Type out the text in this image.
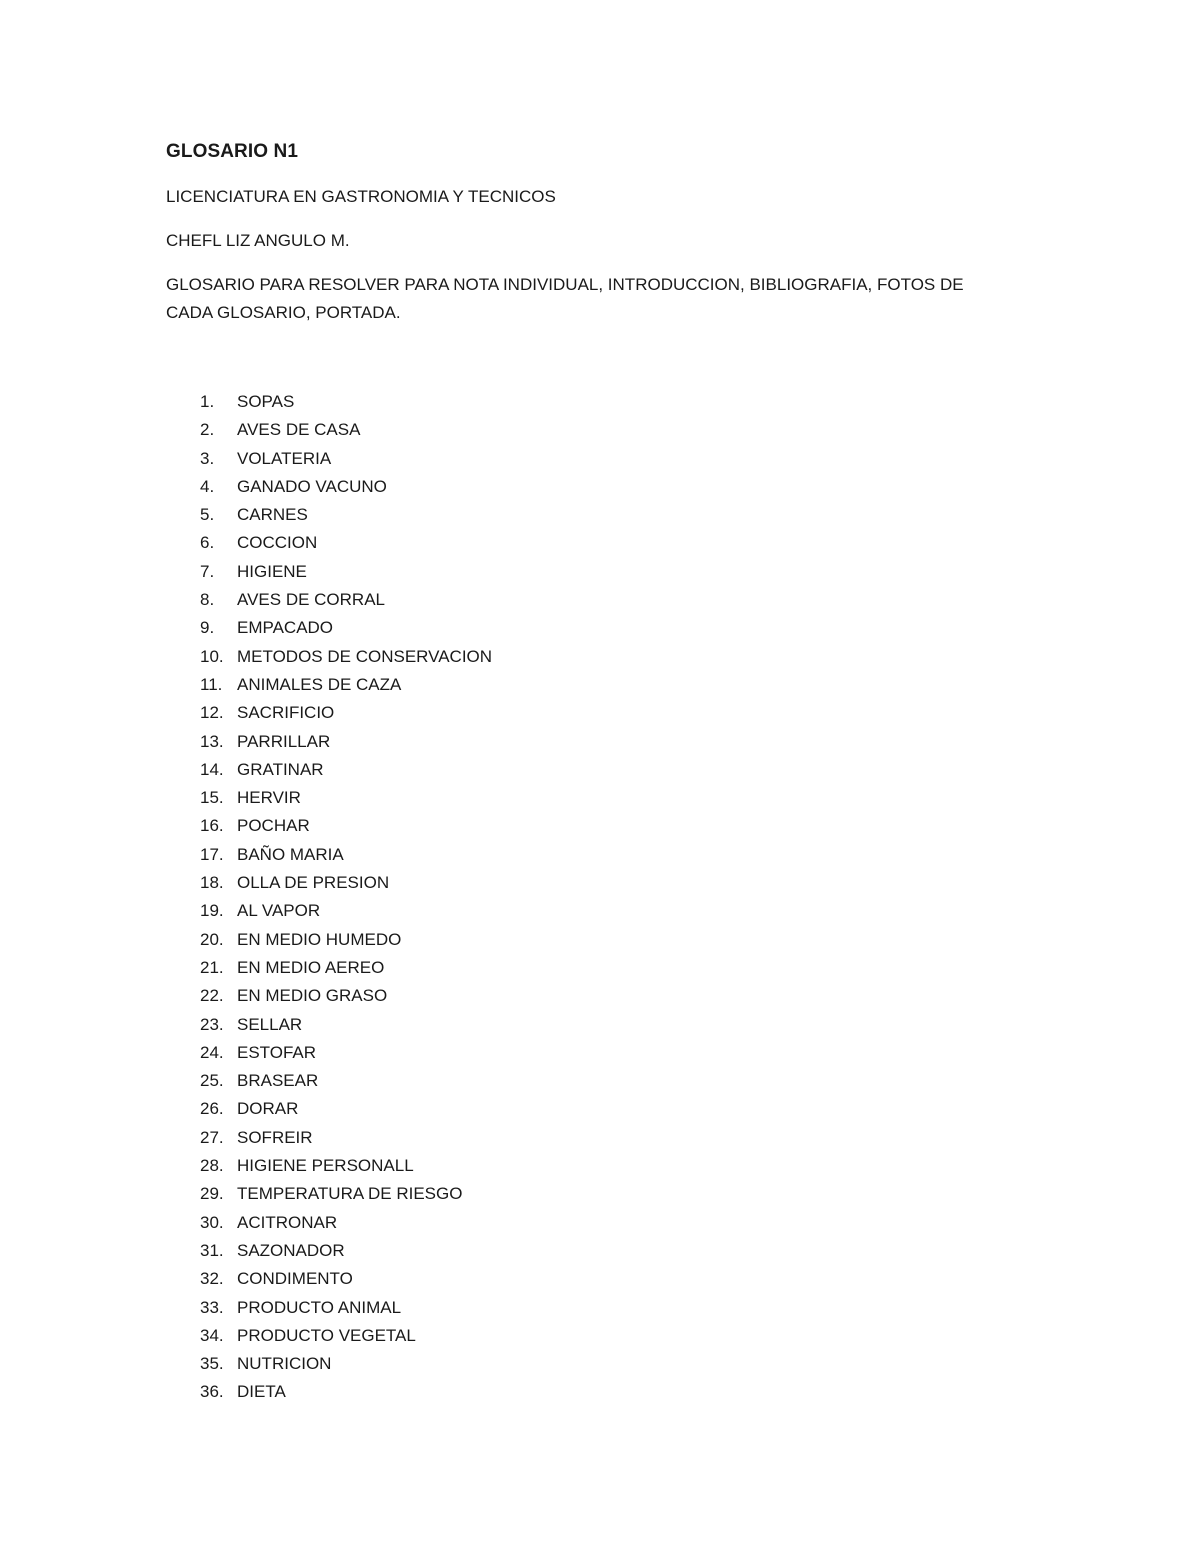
GLOSARIO N1
LICENCIATURA EN GASTRONOMIA Y TECNICOS
CHEFL LIZ ANGULO M.
GLOSARIO PARA RESOLVER PARA NOTA INDIVIDUAL, INTRODUCCION, BIBLIOGRAFIA, FOTOS DE
CADA GLOSARIO, PORTADA.
1.	SOPAS
2.	AVES DE CASA
3.	VOLATERIA
4.	GANADO VACUNO
5.	CARNES
6.	COCCION
7.	HIGIENE
8.	AVES DE CORRAL
9.	EMPACADO
10. METODOS DE CONSERVACION
11. ANIMALES DE CAZA
12. SACRIFICIO
13. PARRILLAR
14. GRATINAR
15. HERVIR
16. POCHAR
17. BAÑO MARIA
18. OLLA DE PRESION
19. AL VAPOR
20. EN MEDIO HUMEDO
21. EN MEDIO AEREO
22. EN MEDIO GRASO
23. SELLAR
24. ESTOFAR
25. BRASEAR
26. DORAR
27. SOFREIR
28. HIGIENE PERSONALL
29. TEMPERATURA DE RIESGO
30. ACITRONAR
31. SAZONADOR
32. CONDIMENTO
33. PRODUCTO ANIMAL
34. PRODUCTO VEGETAL
35. NUTRICION
36. DIETA
